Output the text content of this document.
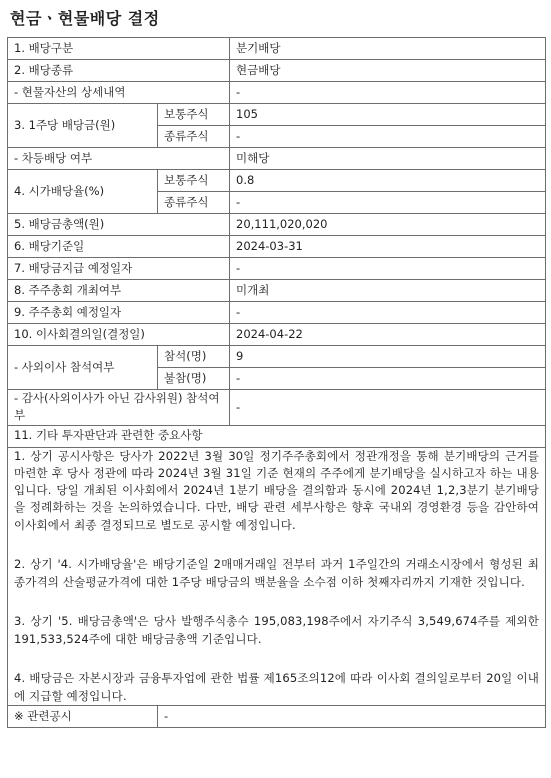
현금ㆍ현물배당 결정
1. 배당구분		분기배당
2. 배당종류		현금배당
- 현물자산의 상세내역		-
3. 1주당 배당금(원)	보통주식	105
	종류주식	-
- 차등배당 여부		미해당
4. 시가배당율(%)	보통주식	0.8
	종류주식	-
5. 배당금총액(원)		20,111,020,020
6. 배당기준일		2024-03-31
7. 배당금지급 예정일자		-
8. 주주총회 개최여부		미개최
9. 주주총회 예정일자		-
10. 이사회결의일(결정일)		2024-04-22
- 사외이사 참석여부	참석(명)	9
	불참(명)	-
- 감사(사외이사가 아닌 감사위원) 참석여부		-
11. 기타 투자판단과 관련한 중요사항		

1. 상기 공시사항은 당사가 2022년 3월 30일 정기주주총회에서 정관개정을 통해 분기배당의 근거를 마련한 후 당사 정관에 따라 2024년 3월 31일 기준 현재의 주주에게 분기배당을 실시하고자 하는 내용입니다. 당일 개최된 이사회에서 2024년 1분기 배당을 결의함과 동시에 2024년 1,2,3분기 분기배당을 정례화하는 것을 논의하였습니다. 다만, 배당 관련 세부사항은 향후 국내외 경영환경 등을 감안하여 이사회에서 최종 결정되므로 별도로 공시할 예정입니다.

2. 상기 '4. 시가배당율'은 배당기준일 2매매거래일 전부터 과거 1주일간의 거래소시장에서 형성된 최종가격의 산술평균가격에 대한 1주당 배당금의 백분율을 소수점 이하 첫째자리까지 기재한 것입니다.

3. 상기 '5. 배당금총액'은 당사 발행주식총수 195,083,198주에서 자기주식 3,549,674주를 제외한 191,533,524주에 대한 배당금총액 기준입니다.

4. 배당금은 자본시장과 금융투자업에 관한 법률 제165조의12에 따라 이사회 결의일로부터 20일 이내에 지급할 예정입니다.		

※ 관련공시	-	
